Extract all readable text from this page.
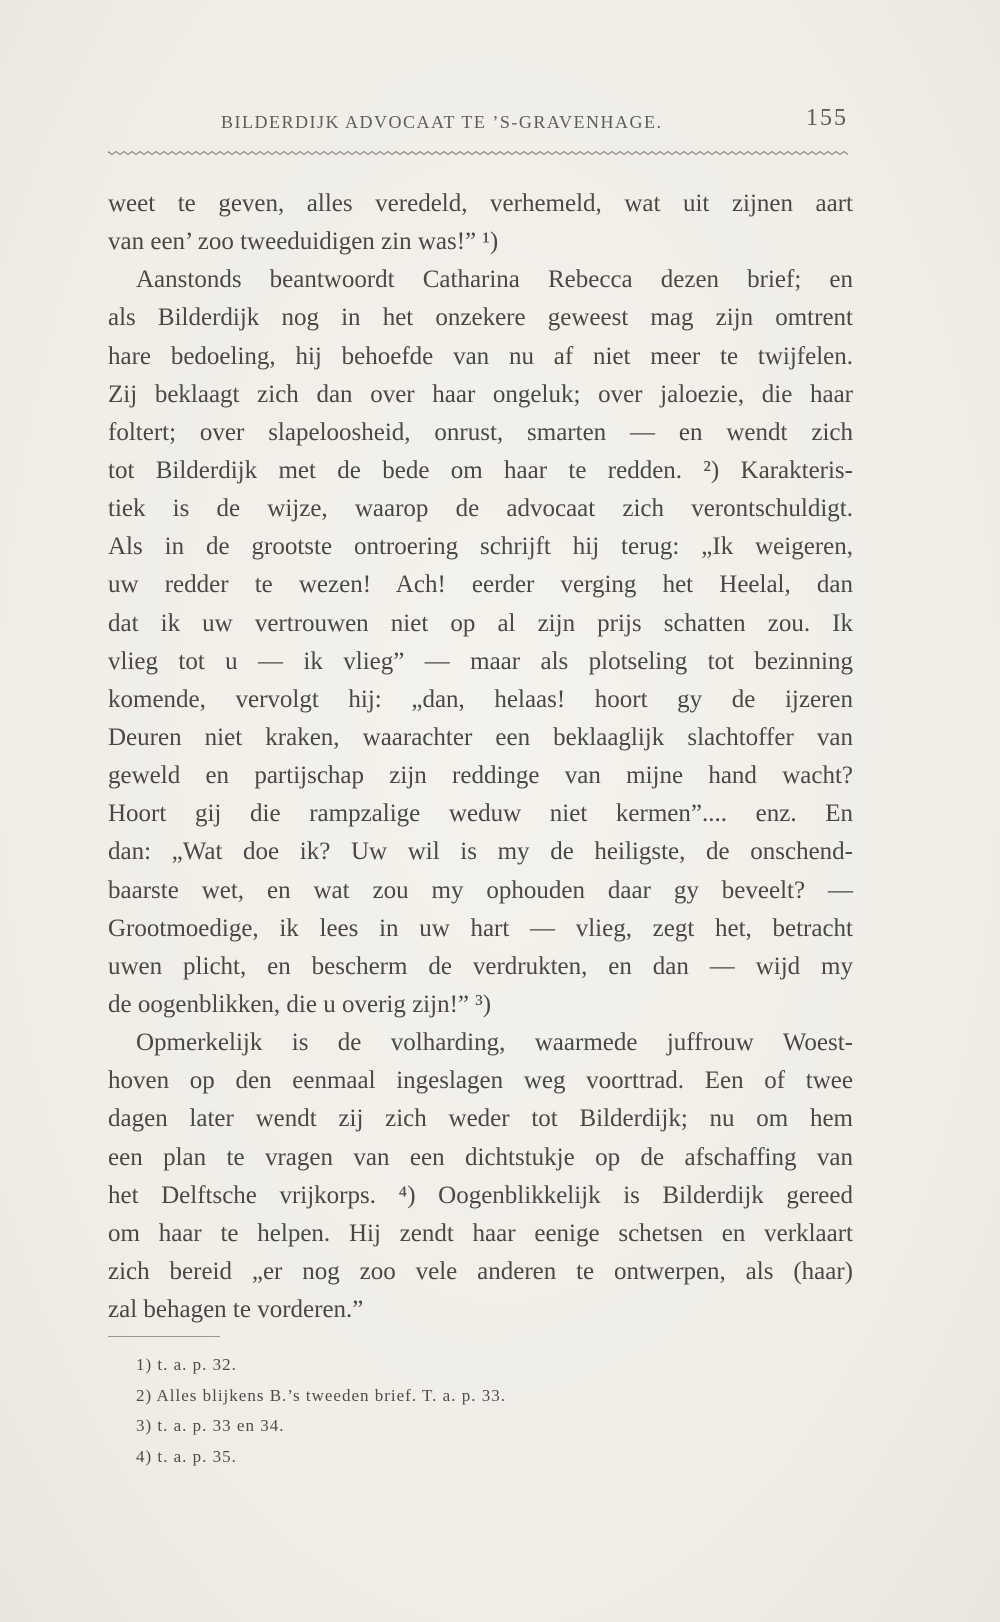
BILDERDIJK ADVOCAAT TE ’S-GRAVENHAGE.	155
weet te geven, alles veredeld, verhemeld, wat uit zijnen aart
van een’ zoo tweeduidigen zin was!” ¹)
Aanstonds beantwoordt Catharina Rebecca dezen brief; en
als Bilderdijk nog in het onzekere geweest mag zijn omtrent
hare bedoeling, hij behoefde van nu af niet meer te twijfelen.
Zij beklaagt zich dan over haar ongeluk; over jaloezie, die haar
foltert; over slapeloosheid, onrust, smarten — en wendt zich
tot Bilderdijk met de bede om haar te redden. ²) Karakteris-
tiek is de wijze, waarop de advocaat zich verontschuldigt.
Als in de grootste ontroering schrijft hij terug: „Ik weigeren,
uw redder te wezen! Ach! eerder verging het Heelal, dan
dat ik uw vertrouwen niet op al zijn prijs schatten zou. Ik
vlieg tot u — ik vlieg” — maar als plotseling tot bezinning
komende, vervolgt hij: „dan, helaas! hoort gy de ijzeren
Deuren niet kraken, waarachter een beklaaglijk slachtoffer van
geweld en partijschap zijn reddinge van mijne hand wacht?
Hoort gij die rampzalige weduw niet kermen”.... enz. En
dan: „Wat doe ik? Uw wil is my de heiligste, de onschend-
baarste wet, en wat zou my ophouden daar gy beveelt? —
Grootmoedige, ik lees in uw hart — vlieg, zegt het, betracht
uwen plicht, en bescherm de verdrukten, en dan — wijd my
de oogenblikken, die u overig zijn!” ³)
Opmerkelijk is de volharding, waarmede juffrouw Woest-
hoven op den eenmaal ingeslagen weg voorttrad. Een of twee
dagen later wendt zij zich weder tot Bilderdijk; nu om hem
een plan te vragen van een dichtstukje op de afschaffing van
het Delftsche vrijkorps. ⁴) Oogenblikkelijk is Bilderdijk gereed
om haar te helpen. Hij zendt haar eenige schetsen en verklaart
zich bereid „er nog zoo vele anderen te ontwerpen, als (haar)
zal behagen te vorderen.”
1) t. a. p. 32.
2) Alles blijkens B.’s tweeden brief. T. a. p. 33.
3) t. a. p. 33 en 34.
4) t. a. p. 35.
